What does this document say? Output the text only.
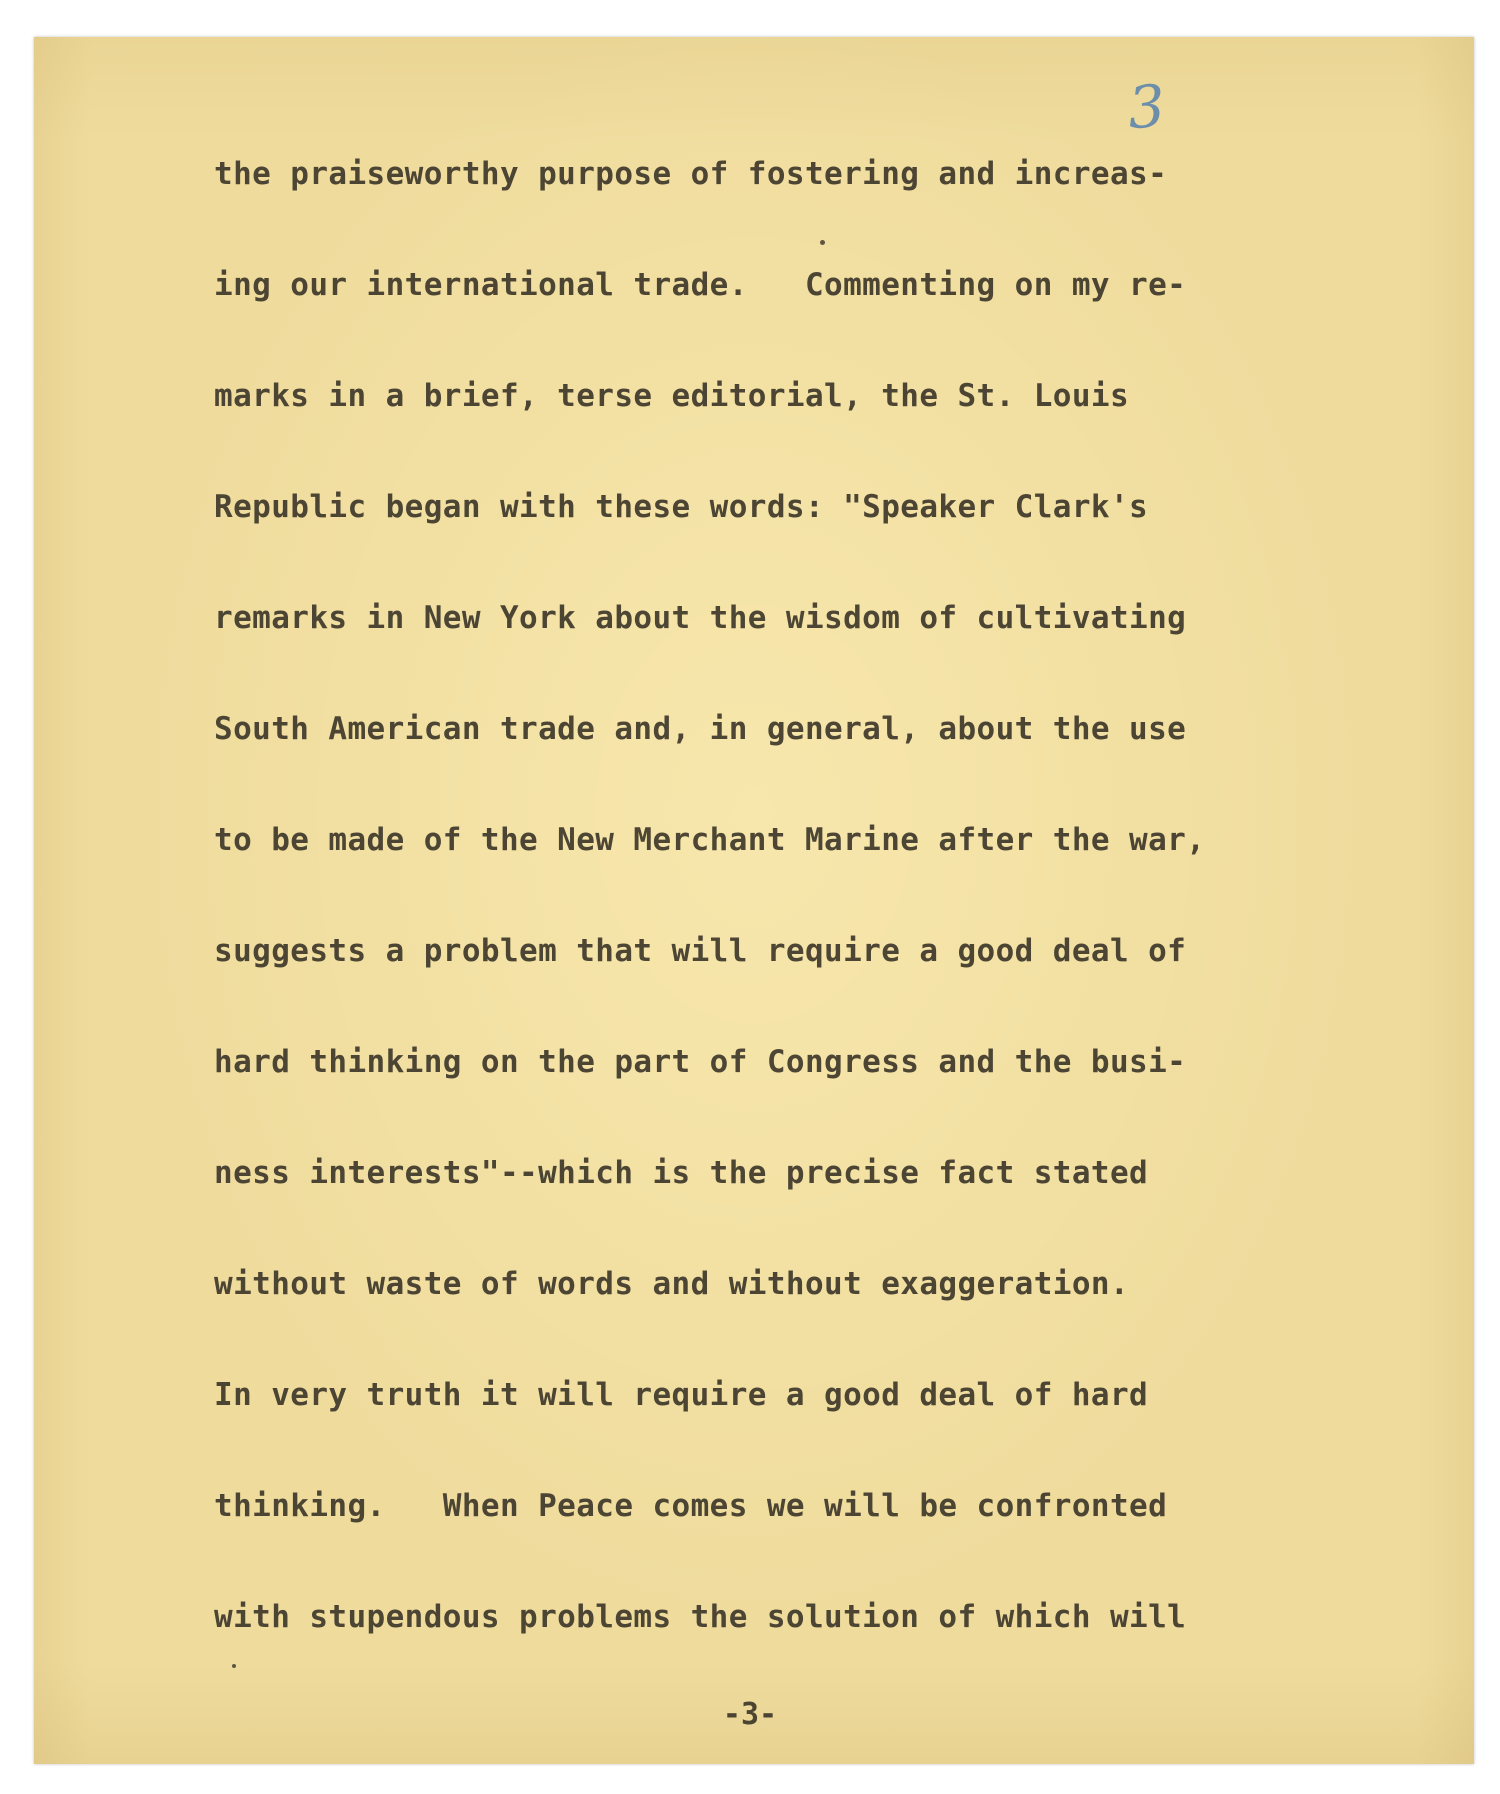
3
the praiseworthy purpose of fostering and increas-
ing our international trade.   Commenting on my re-
marks in a brief, terse editorial, the St. Louis
Republic began with these words: "Speaker Clark's
remarks in New York about the wisdom of cultivating
South American trade and, in general, about the use
to be made of the New Merchant Marine after the war,
suggests a problem that will require a good deal of
hard thinking on the part of Congress and the busi-
ness interests"--which is the precise fact stated
without waste of words and without exaggeration.
In very truth it will require a good deal of hard
thinking.   When Peace comes we will be confronted
with stupendous problems the solution of which will
-3-
